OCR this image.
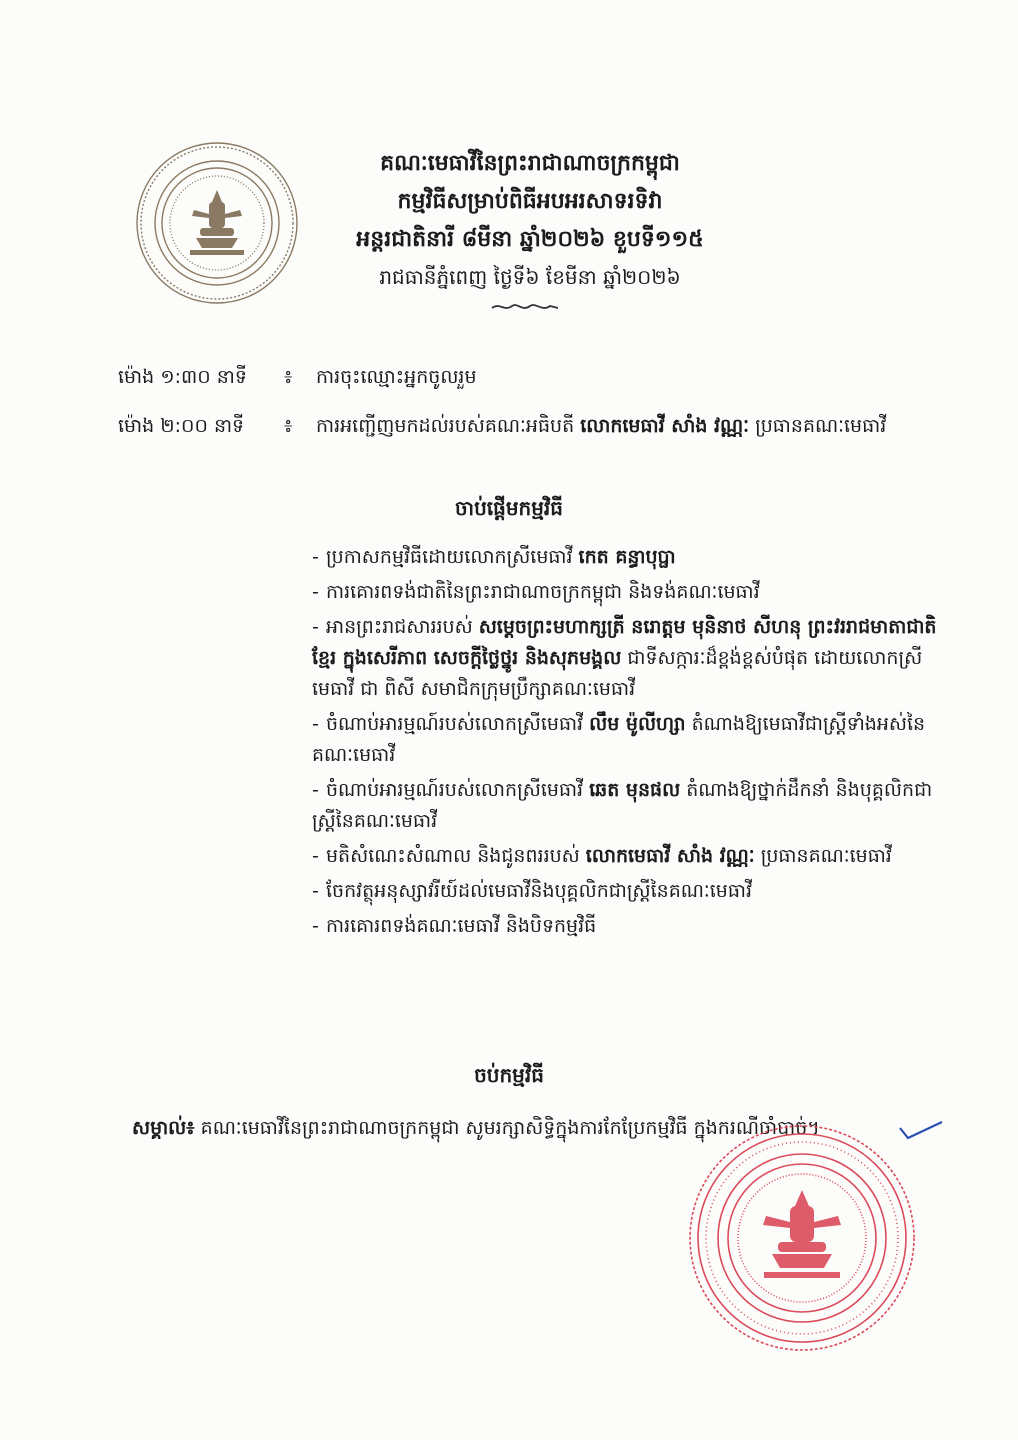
គណៈមេធាវីនៃព្រះរាជាណាចក្រកម្ពុជា
កម្មវិធីសម្រាប់ពិធីអបអរសាទរទិវា
អន្តរជាតិនារី ៨មីនា ឆ្នាំ២០២៦ ខួបទី១១៥
រាជធានីភ្នំពេញ ថ្ងៃទី៦ ខែមីនា ឆ្នាំ២០២៦
ម៉ោង ១:៣០ នាទី ៖ ការចុះឈ្មោះអ្នកចូលរួម
ម៉ោង ២:០០ នាទី ៖ ការអញ្ជើញមកដល់របស់គណៈអធិបតី លោកមេធាវី សាំង វណ្ណៈ ប្រធានគណៈមេធាវី
ចាប់ផ្តើមកម្មវិធី
- ប្រកាសកម្មវិធីដោយលោកស្រីមេធាវី កេត គន្ធាបុប្ផា
- ការគោរពទង់ជាតិនៃព្រះរាជាណាចក្រកម្ពុជា និងទង់គណៈមេធាវី
- អានព្រះរាជសាររបស់ សម្តេចព្រះមហាក្សត្រី នរោត្តម មុនិនាថ សីហនុ ព្រះវររាជមាតាជាតិខ្មែរ ក្នុងសេរីភាព សេចក្តីថ្លៃថ្នូរ និងសុភមង្គល ជាទីសក្ការៈដ៏ខ្ពង់ខ្ពស់បំផុត ដោយលោកស្រីមេធាវី ជា ពិសី សមាជិកក្រុមប្រឹក្សាគណៈមេធាវី
- ចំណាប់អារម្មណ៍របស់លោកស្រីមេធាវី លឹម ម៉ូលីហ្សា តំណាងឱ្យមេធាវីជាស្ត្រីទាំងអស់នៃគណៈមេធាវី
- ចំណាប់អារម្មណ៍របស់លោកស្រីមេធាវី ឆេត មុនផល តំណាងឱ្យថ្នាក់ដឹកនាំ និងបុគ្គលិកជាស្ត្រីនៃគណៈមេធាវី
- មតិសំណេះសំណាល និងជូនពររបស់ លោកមេធាវី សាំង វណ្ណៈ ប្រធានគណៈមេធាវី
- ចែកវត្ថុអនុស្សាវរីយ៍ដល់មេធាវីនិងបុគ្គលិកជាស្ត្រីនៃគណៈមេធាវី
- ការគោរពទង់គណៈមេធាវី និងបិទកម្មវិធី
ចប់កម្មវិធី
សម្គាល់៖ គណៈមេធាវីនៃព្រះរាជាណាចក្រកម្ពុជា សូមរក្សាសិទ្ធិក្នុងការកែប្រែកម្មវិធី ក្នុងករណីចាំបាច់។
